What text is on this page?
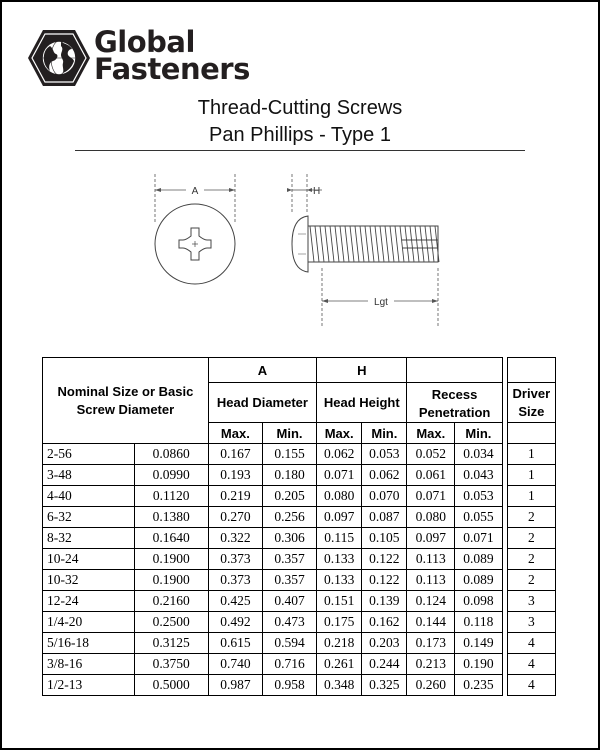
Global
Fasteners
Thread-Cutting Screws
Pan Phillips - Type 1
A	H
Lgt
Nominal Size or Basic Screw Diameter		A		H					
		Head Diameter		Head Height		Recess Penetration			Driver Size
		Max.	Min.	Max.	Min.	Max.	Min.		
2-56	0.0860	0.167	0.155	0.062	0.053	0.052	0.034		1
3-48	0.0990	0.193	0.180	0.071	0.062	0.061	0.043		1
4-40	0.1120	0.219	0.205	0.080	0.070	0.071	0.053		1
6-32	0.1380	0.270	0.256	0.097	0.087	0.080	0.055		2
8-32	0.1640	0.322	0.306	0.115	0.105	0.097	0.071		2
10-24	0.1900	0.373	0.357	0.133	0.122	0.113	0.089		2
10-32	0.1900	0.373	0.357	0.133	0.122	0.113	0.089		2
12-24	0.2160	0.425	0.407	0.151	0.139	0.124	0.098		3
1/4-20	0.2500	0.492	0.473	0.175	0.162	0.144	0.118		3
5/16-18	0.3125	0.615	0.594	0.218	0.203	0.173	0.149		4
3/8-16	0.3750	0.740	0.716	0.261	0.244	0.213	0.190		4
1/2-13	0.5000	0.987	0.958	0.348	0.325	0.260	0.235		4
